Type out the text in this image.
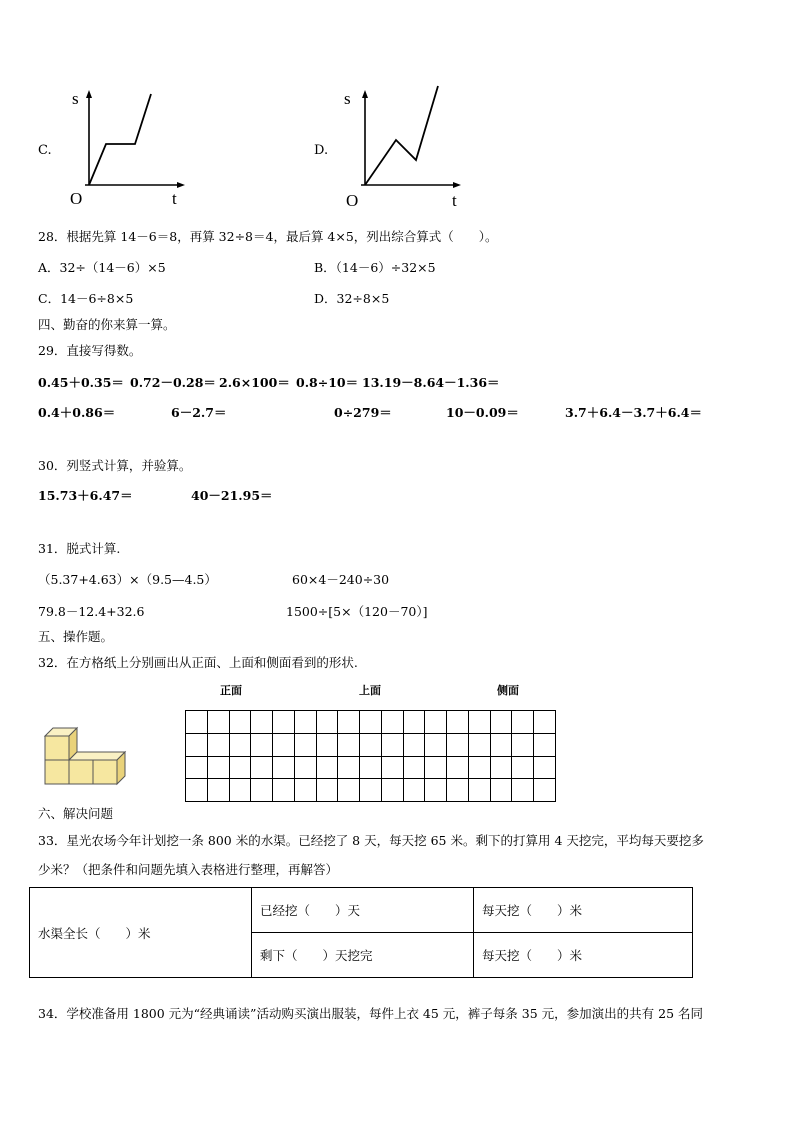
C.
s
t
O
D.
s
t
O
28．根据先算 14－6＝8，再算 32÷8＝4，最后算 4×5，列出综合算式（　　）。
A．32÷（14－6）×5	B．（14－6）÷32×5
C．14－6÷8×5	D．32÷8×5
四、勤奋的你来算一算。
29．直接写得数。
0.45＋0.35＝ 0.72－0.28＝ 2.6×100＝ 0.8÷10＝ 13.19－8.64－1.36＝
0.4＋0.86＝	6－2.7＝	0÷279＝	10－0.09＝	3.7＋6.4－3.7＋6.4＝
30．列竖式计算，并验算。
15.73＋6.47＝	40－21.95＝
31．脱式计算.
（5.37+4.63）×（9.5—4.5）	60×4－240÷30
79.8－12.4+32.6	1500÷[5×（120－70）]
五、操作题。
32．在方格纸上分别画出从正面、上面和侧面看到的形状.
正面	上面	侧面

六、解决问题
33．星光农场今年计划挖一条 800 米的水渠。已经挖了 8 天，每天挖 65 米。剩下的打算用 4 天挖完，平均每天要挖多
少米？（把条件和问题先填入表格进行整理，再解答）
水渠全长（　　）米	已经挖（　　）天	每天挖（　　）米
	剩下（　　）天挖完	每天挖（　　）米
34．学校准备用 1800 元为“经典诵读”活动购买演出服装，每件上衣 45 元，裤子每条 35 元，参加演出的共有 25 名同
